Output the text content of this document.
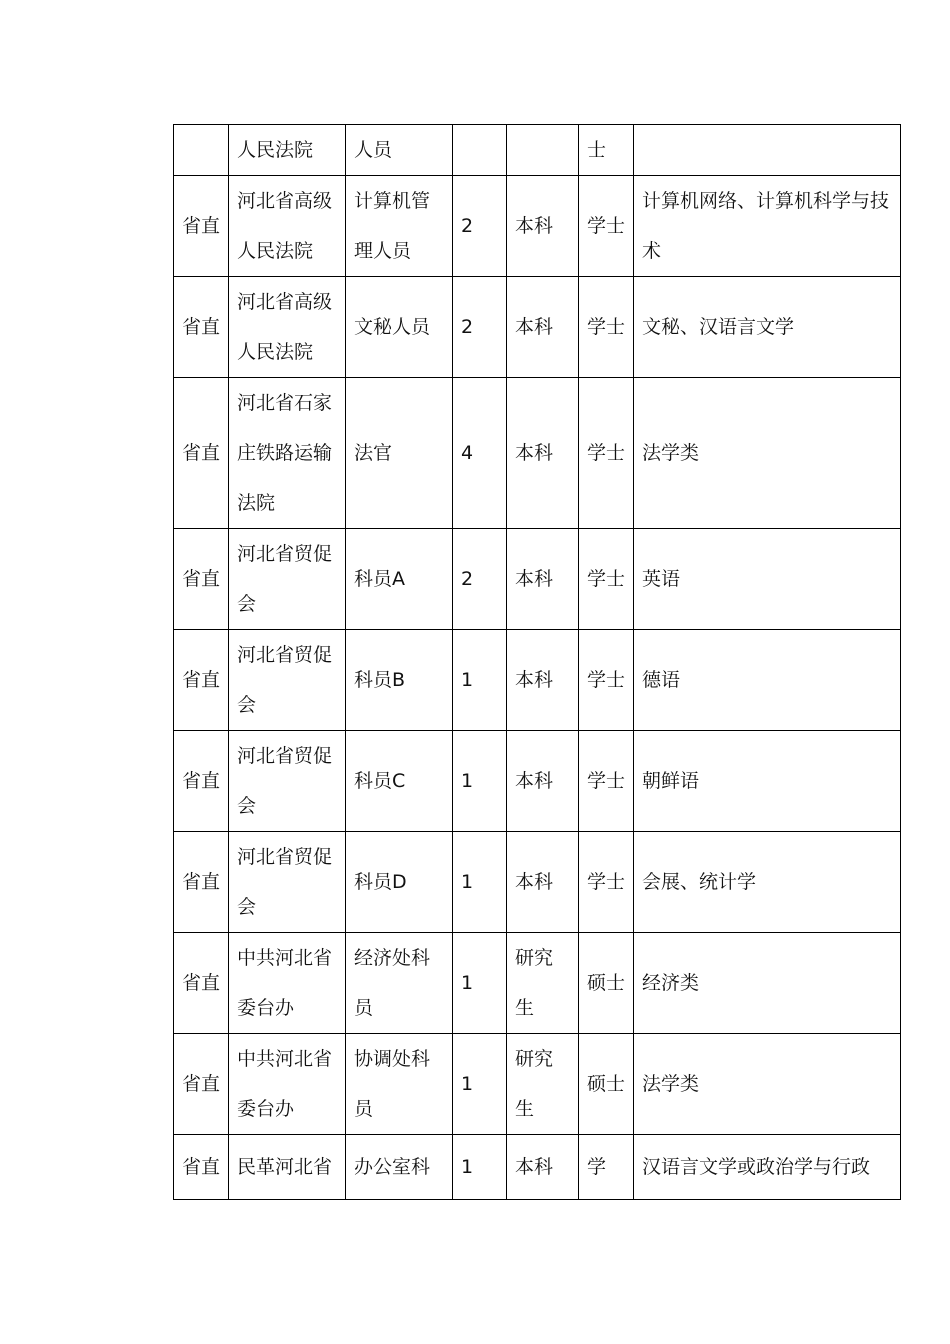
	人民法院	人员			士	
省直	河北省高级人民法院	计算机管理人员	2	本科	学士	计算机网络、计算机科学与技术
省直	河北省高级人民法院	文秘人员	2	本科	学士	文秘、汉语言文学
省直	河北省石家庄铁路运输法院	法官	4	本科	学士	法学类
省直	河北省贸促会	科员A	2	本科	学士	英语
省直	河北省贸促会	科员B	1	本科	学士	德语
省直	河北省贸促会	科员C	1	本科	学士	朝鲜语
省直	河北省贸促会	科员D	1	本科	学士	会展、统计学
省直	中共河北省委台办	经济处科员	1	研究生	硕士	经济类
省直	中共河北省委台办	协调处科员	1	研究生	硕士	法学类
省直	民革河北省	办公室科	1	本科	学	汉语言文学或政治学与行政
